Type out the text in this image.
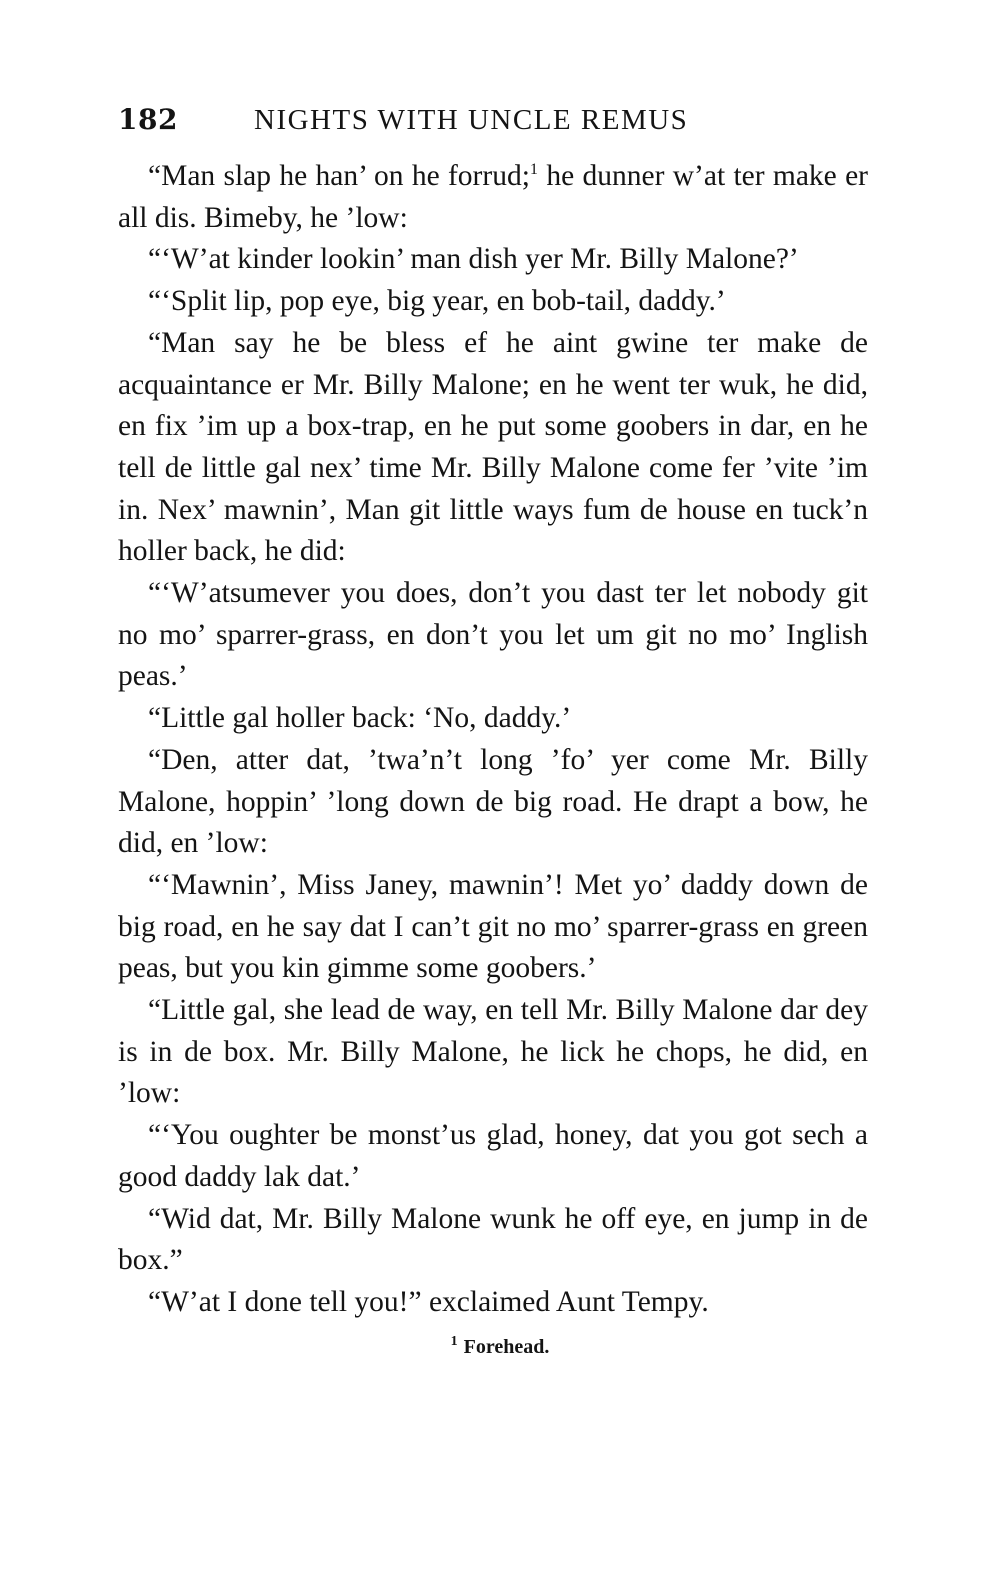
182	NIGHTS WITH UNCLE REMUS

“Man slap he han’ on he forrud;$^1$ he dunner w’at ter make er all dis. Bimeby, he ’low:

“‘W’at kinder lookin’ man dish yer Mr. Billy Malone?’

“‘Split lip, pop eye, big year, en bob-tail, daddy.’

“Man say he be bless ef he aint gwine ter make de acquaintance er Mr. Billy Malone; en he went ter wuk, he did, en fix ’im up a box-trap, en he put some goobers in dar, en he tell de little gal nex’ time Mr. Billy Malone come fer ’vite ’im in. Nex’ mawnin’, Man git little ways fum de house en tuck’n holler back, he did:

“‘W’atsumever you does, don’t you dast ter let nobody git no mo’ sparrer-grass, en don’t you let um git no mo’ Inglish peas.’

“Little gal holler back: ‘No, daddy.’

“Den, atter dat, ’twa’n’t long ’fo’ yer come Mr. Billy Malone, hoppin’ ’long down de big road. He drapt a bow, he did, en ’low:

“‘Mawnin’, Miss Janey, mawnin’! Met yo’ daddy down de big road, en he say dat I can’t git no mo’ sparrer-grass en green peas, but you kin gimme some goobers.’

“Little gal, she lead de way, en tell Mr. Billy Malone dar dey is in de box. Mr. Billy Malone, he lick he chops, he did, en ’low:

“‘You oughter be monst’us glad, honey, dat you got sech a good daddy lak dat.’

“Wid dat, Mr. Billy Malone wunk he off eye, en jump in de box.”

“W’at I done tell you!” exclaimed Aunt Tempy.

$^1$ Forehead.
